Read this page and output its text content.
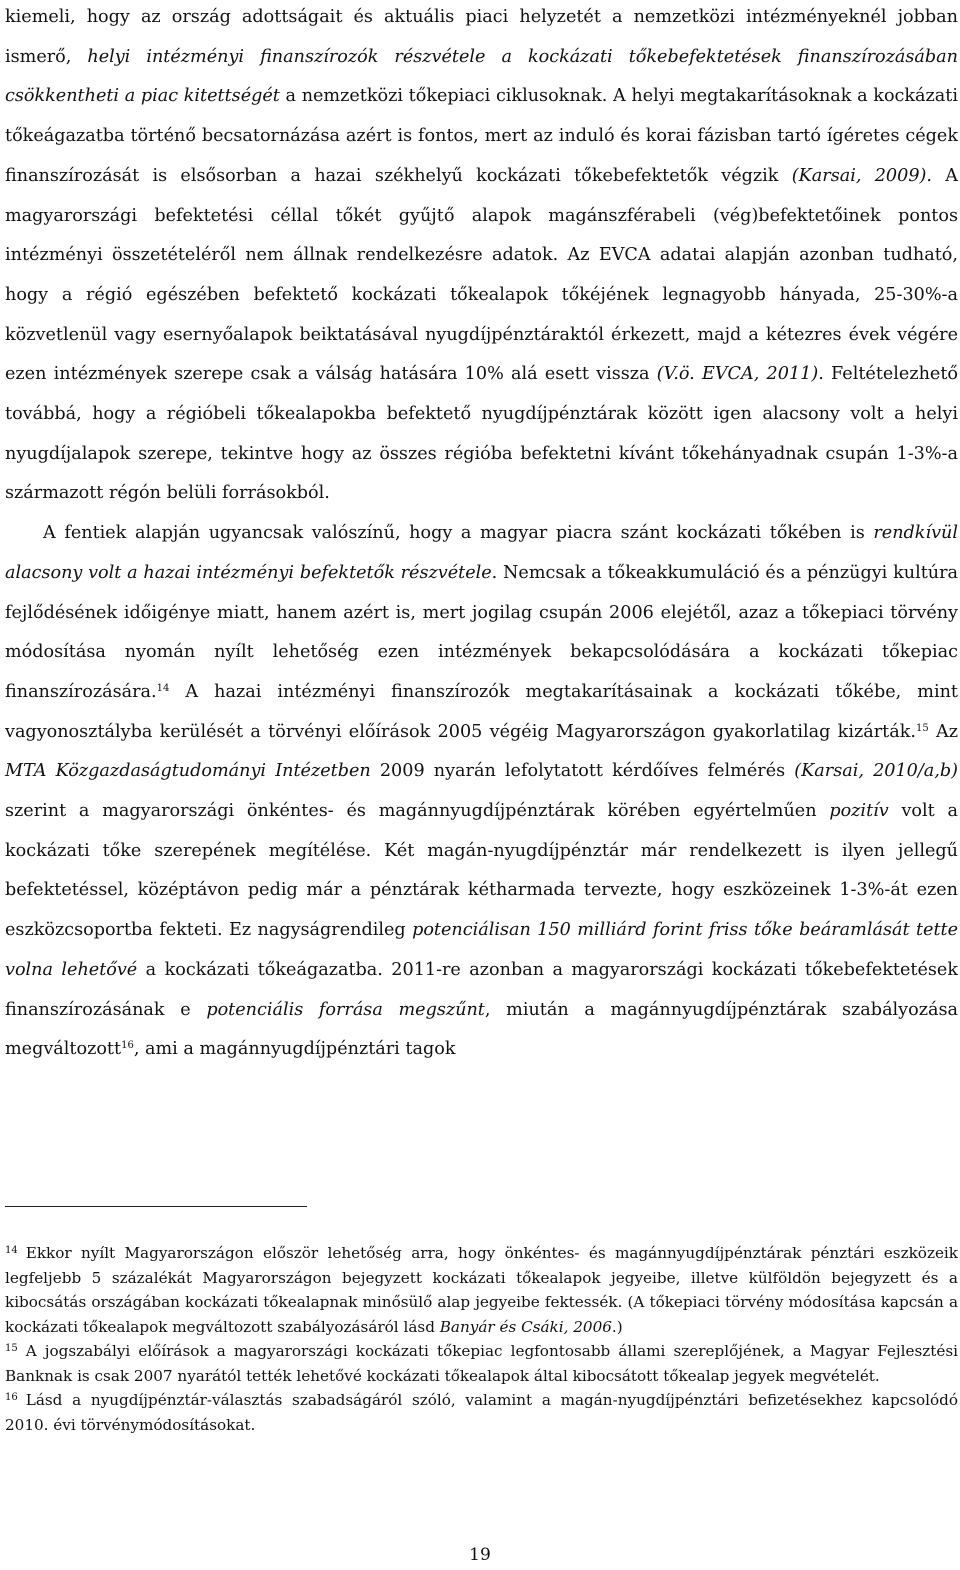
kiemeli, hogy az ország adottságait és aktuális piaci helyzetét a nemzetközi intézményeknél jobban ismerő, helyi intézményi finanszírozók részvétele a kockázati tőkebefektetések finanszírozásában csökkentheti a piac kitettségét a nemzetközi tőkepiaci ciklusoknak. A helyi megtakarításoknak a kockázati tőkeágazatba történő becsatornázása azért is fontos, mert az induló és korai fázisban tartó ígéretes cégek finanszírozását is elsősorban a hazai székhelyű kockázati tőkebefektetők végzik (Karsai, 2009). A magyarországi befektetési céllal tőkét gyűjtő alapok magánszférabeli (vég)befektetőinek pontos intézményi összetételéről nem állnak rendelkezésre adatok. Az EVCA adatai alapján azonban tudható, hogy a régió egészében befektető kockázati tőkealapok tőkéjének legnagyobb hányada, 25-30%-a közvetlenül vagy esernyőalapok beiktatásával nyugdíjpénztáraktól érkezett, majd a kétezres évek végére ezen intézmények szerepe csak a válság hatására 10% alá esett vissza (V.ö. EVCA, 2011). Feltételezhető továbbá, hogy a régióbeli tőkealapokba befektető nyugdíjpénztárak között igen alacsony volt a helyi nyugdíjalapok szerepe, tekintve hogy az összes régióba befektetni kívánt tőkehányadnak csupán 1-3%-a származott régón belüli forrásokból.

A fentiek alapján ugyancsak valószínű, hogy a magyar piacra szánt kockázati tőkében is rendkívül alacsony volt a hazai intézményi befektetők részvétele. Nemcsak a tőkeakkumuláció és a pénzügyi kultúra fejlődésének időigénye miatt, hanem azért is, mert jogilag csupán 2006 elejétől, azaz a tőkepiaci törvény módosítása nyomán nyílt lehetőség ezen intézmények bekapcsolódására a kockázati tőkepiac finanszírozására.$^{14}$ A hazai intézményi finanszírozók megtakarításainak a kockázati tőkébe, mint vagyonosztályba kerülését a törvényi előírások 2005 végéig Magyarországon gyakorlatilag kizárták.$^{15}$ Az MTA Közgazdaságtudományi Intézetben 2009 nyarán lefolytatott kérdőíves felmérés (Karsai, 2010/a,b) szerint a magyarországi önkéntes- és magánnyugdíjpénztárak körében egyértelműen pozitív volt a kockázati tőke szerepének megítélése. Két magán-nyugdíjpénztár már rendelkezett is ilyen jellegű befektetéssel, középtávon pedig már a pénztárak kétharmada tervezte, hogy eszközeinek 1-3%-át ezen eszközcsoportba fekteti. Ez nagyságrendileg potenciálisan 150 milliárd forint friss tőke beáramlását tette volna lehetővé a kockázati tőkeágazatba. 2011-re azonban a magyarországi kockázati tőkebefektetések finanszírozásának e potenciális forrása megszűnt, miután a magánnyugdíjpénztárak szabályozása megváltozott$^{16}$, ami a magánnyugdíjpénztári tagok

$^{14}$ Ekkor nyílt Magyarországon először lehetőség arra, hogy önkéntes- és magánnyugdíjpénztárak pénztári eszközeik legfeljebb 5 százalékát Magyarországon bejegyzett kockázati tőkealapok jegyeibe, illetve külföldön bejegyzett és a kibocsátás országában kockázati tőkealapnak minősülő alap jegyeibe fektessék. (A tőkepiaci törvény módosítása kapcsán a kockázati tőkealapok megváltozott szabályozásáról lásd Banyár és Csáki, 2006.)

$^{15}$ A jogszabályi előírások a magyarországi kockázati tőkepiac legfontosabb állami szereplőjének, a Magyar Fejlesztési Banknak is csak 2007 nyarától tették lehetővé kockázati tőkealapok által kibocsátott tőkealap jegyek megvételét.

$^{16}$ Lásd a nyugdíjpénztár-választás szabadságáról szóló, valamint a magán-nyugdíjpénztári befizetésekhez kapcsolódó 2010. évi törvénymódosításokat.

19
